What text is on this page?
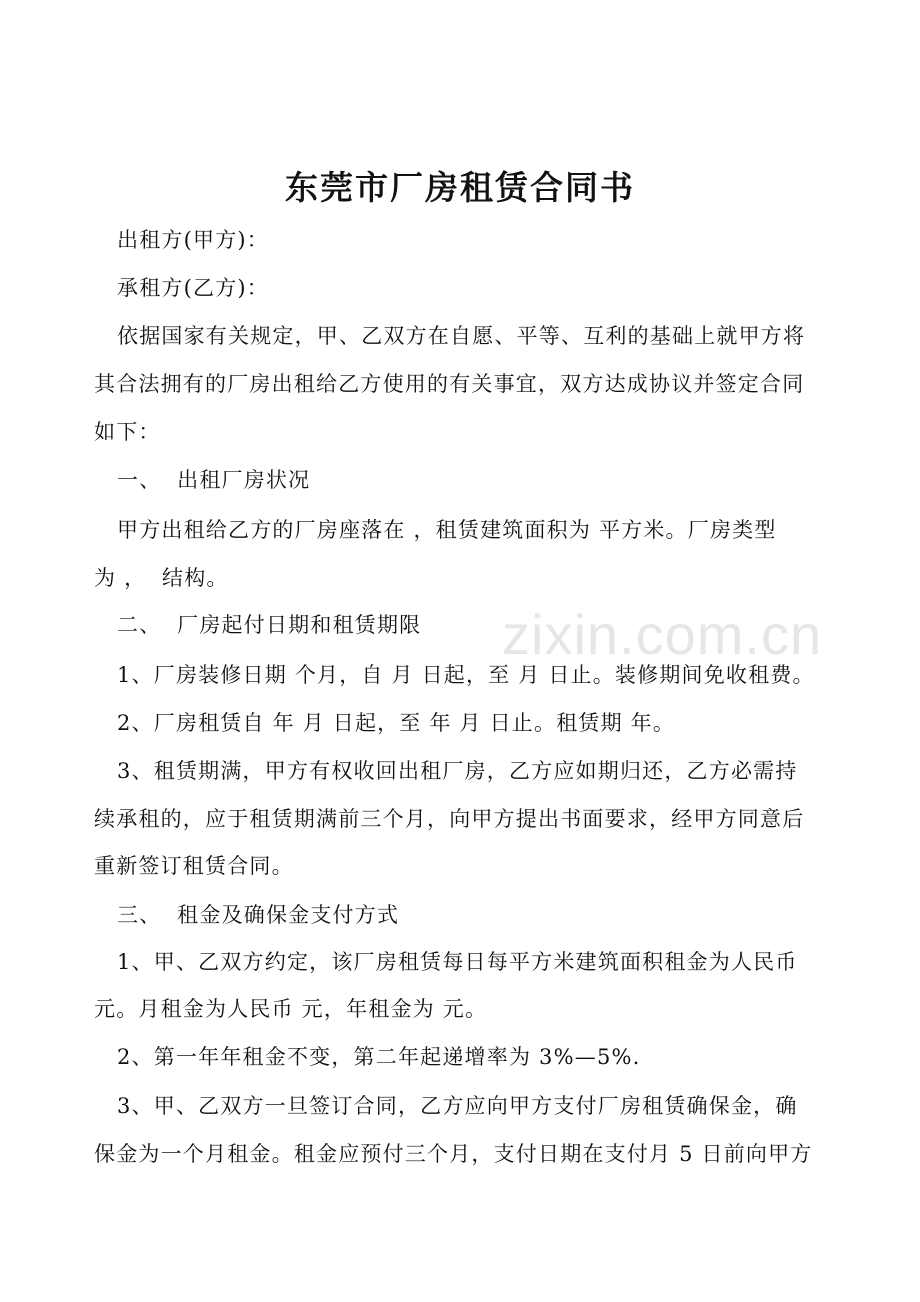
zixin.com.cn
东莞市厂房租赁合同书
出租方(甲方)：
承租方(乙方)：
依据国家有关规定，甲、乙双方在自愿、平等、互利的基础上就甲方将
其合法拥有的厂房出租给乙方使用的有关事宜，双方达成协议并签定合同
如下：
一、  出租厂房状况
甲方出租给乙方的厂房座落在 ，租赁建筑面积为 平方米。厂房类型
为 ，  结构。
二、  厂房起付日期和租赁期限
1、厂房装修日期 个月，自 月 日起，至 月 日止。装修期间免收租费。
2、厂房租赁自 年 月 日起，至 年 月 日止。租赁期 年。
3、租赁期满，甲方有权收回出租厂房，乙方应如期归还，乙方必需持
续承租的，应于租赁期满前三个月，向甲方提出书面要求，经甲方同意后
重新签订租赁合同。
三、  租金及确保金支付方式
1、甲、乙双方约定，该厂房租赁每日每平方米建筑面积租金为人民币
元。月租金为人民币 元，年租金为 元。
2、第一年年租金不变，第二年起递增率为 3%—5%.
3、甲、乙双方一旦签订合同，乙方应向甲方支付厂房租赁确保金，确
保金为一个月租金。租金应预付三个月，支付日期在支付月 5 日前向甲方
